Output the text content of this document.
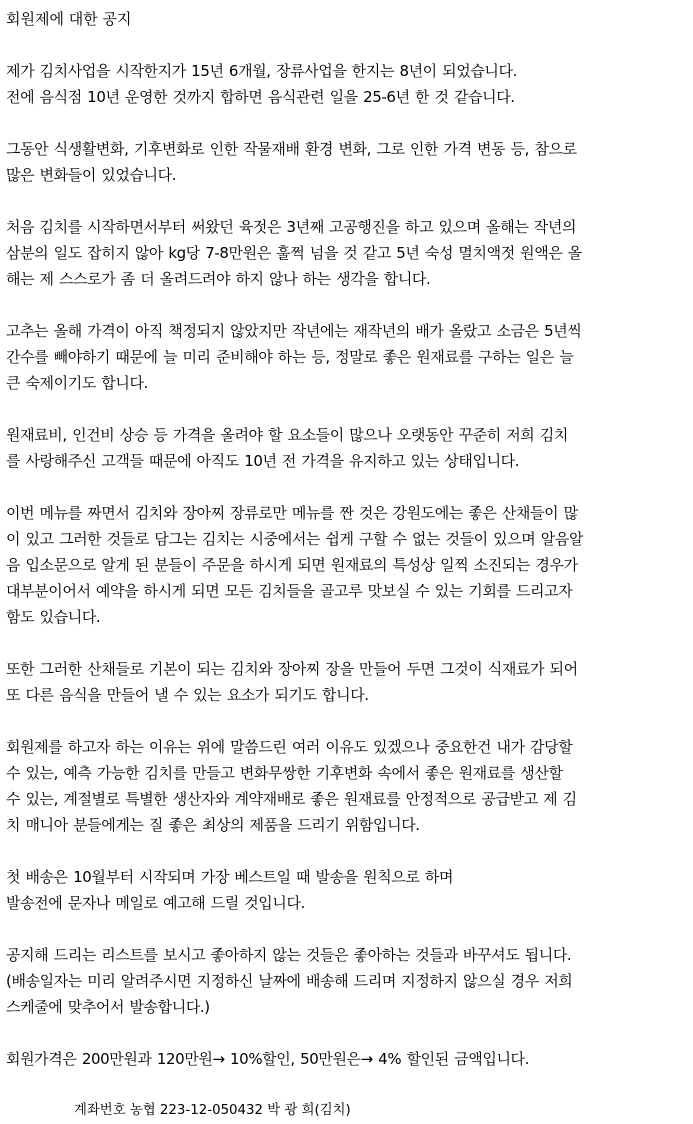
회원제에 대한 공지
제가 김치사업을 시작한지가 15년 6개월, 장류사업을 한지는 8년이 되었습니다.
전에 음식점 10년 운영한 것까지 합하면 음식관련 일을 25-6년 한 것 같습니다.
그동안 식생활변화, 기후변화로 인한 작물재배 환경 변화, 그로 인한 가격 변동 등, 참으로
많은 변화들이 있었습니다.
처음 김치를 시작하면서부터 써왔던 육젓은 3년째 고공행진을 하고 있으며 올해는 작년의
삼분의 일도 잡히지 않아 kg당 7-8만원은 훌쩍 넘을 것 같고 5년 숙성 멸치액젓 원액은 올
해는 제 스스로가 좀 더 올려드려야 하지 않나 하는 생각을 합니다.
고추는 올해 가격이 아직 책정되지 않았지만 작년에는 재작년의 배가 올랐고 소금은 5년씩
간수를 빼야하기 때문에 늘 미리 준비해야 하는 등, 정말로 좋은 원재료를 구하는 일은 늘
큰 숙제이기도 합니다.
원재료비, 인건비 상승 등 가격을 올려야 할 요소들이 많으나 오랫동안 꾸준히 저희 김치
를 사랑해주신 고객들 때문에 아직도 10년 전 가격을 유지하고 있는 상태입니다.
이번 메뉴를 짜면서 김치와 장아찌 장류로만 메뉴를 짠 것은 강원도에는 좋은 산채들이 많
이 있고 그러한 것들로 담그는 김치는 시중에서는 쉽게 구할 수 없는 것들이 있으며 알음알
음 입소문으로 알게 된 분들이 주문을 하시게 되면 원재료의 특성상 일찍 소진되는 경우가
대부분이어서 예약을 하시게 되면 모든 김치들을 골고루 맛보실 수 있는 기회를 드리고자
함도 있습니다.
또한 그러한 산채들로 기본이 되는 김치와 장아찌 장을 만들어 두면 그것이 식재료가 되어
또 다른 음식을 만들어 낼 수 있는 요소가 되기도 합니다.
회원제를 하고자 하는 이유는 위에 말씀드린 여러 이유도 있겠으나 중요한건 내가 감당할
수 있는, 예측 가능한 김치를 만들고 변화무쌍한 기후변화 속에서 좋은 원재료를 생산할
수 있는, 계절별로 특별한 생산자와 계약재배로 좋은 원재료를 안정적으로 공급받고 제 김
치 매니아 분들에게는 질 좋은 최상의 제품을 드리기 위함입니다.
첫 배송은 10월부터 시작되며 가장 베스트일 때 발송을 원칙으로 하며
발송전에 문자나 메일로 예고해 드릴 것입니다.
공지해 드리는 리스트를 보시고 좋아하지 않는 것들은 좋아하는 것들과 바꾸셔도 됩니다.
(배송일자는 미리 알려주시면 지정하신 날짜에 배송해 드리며 지정하지 않으실 경우 저희
스케줄에 맞추어서 발송합니다.)
회원가격은 200만원과 120만원→ 10%할인, 50만원은→ 4% 할인된 금액입니다.
계좌번호 농협 223-12-050432 박 광 희(김치)
